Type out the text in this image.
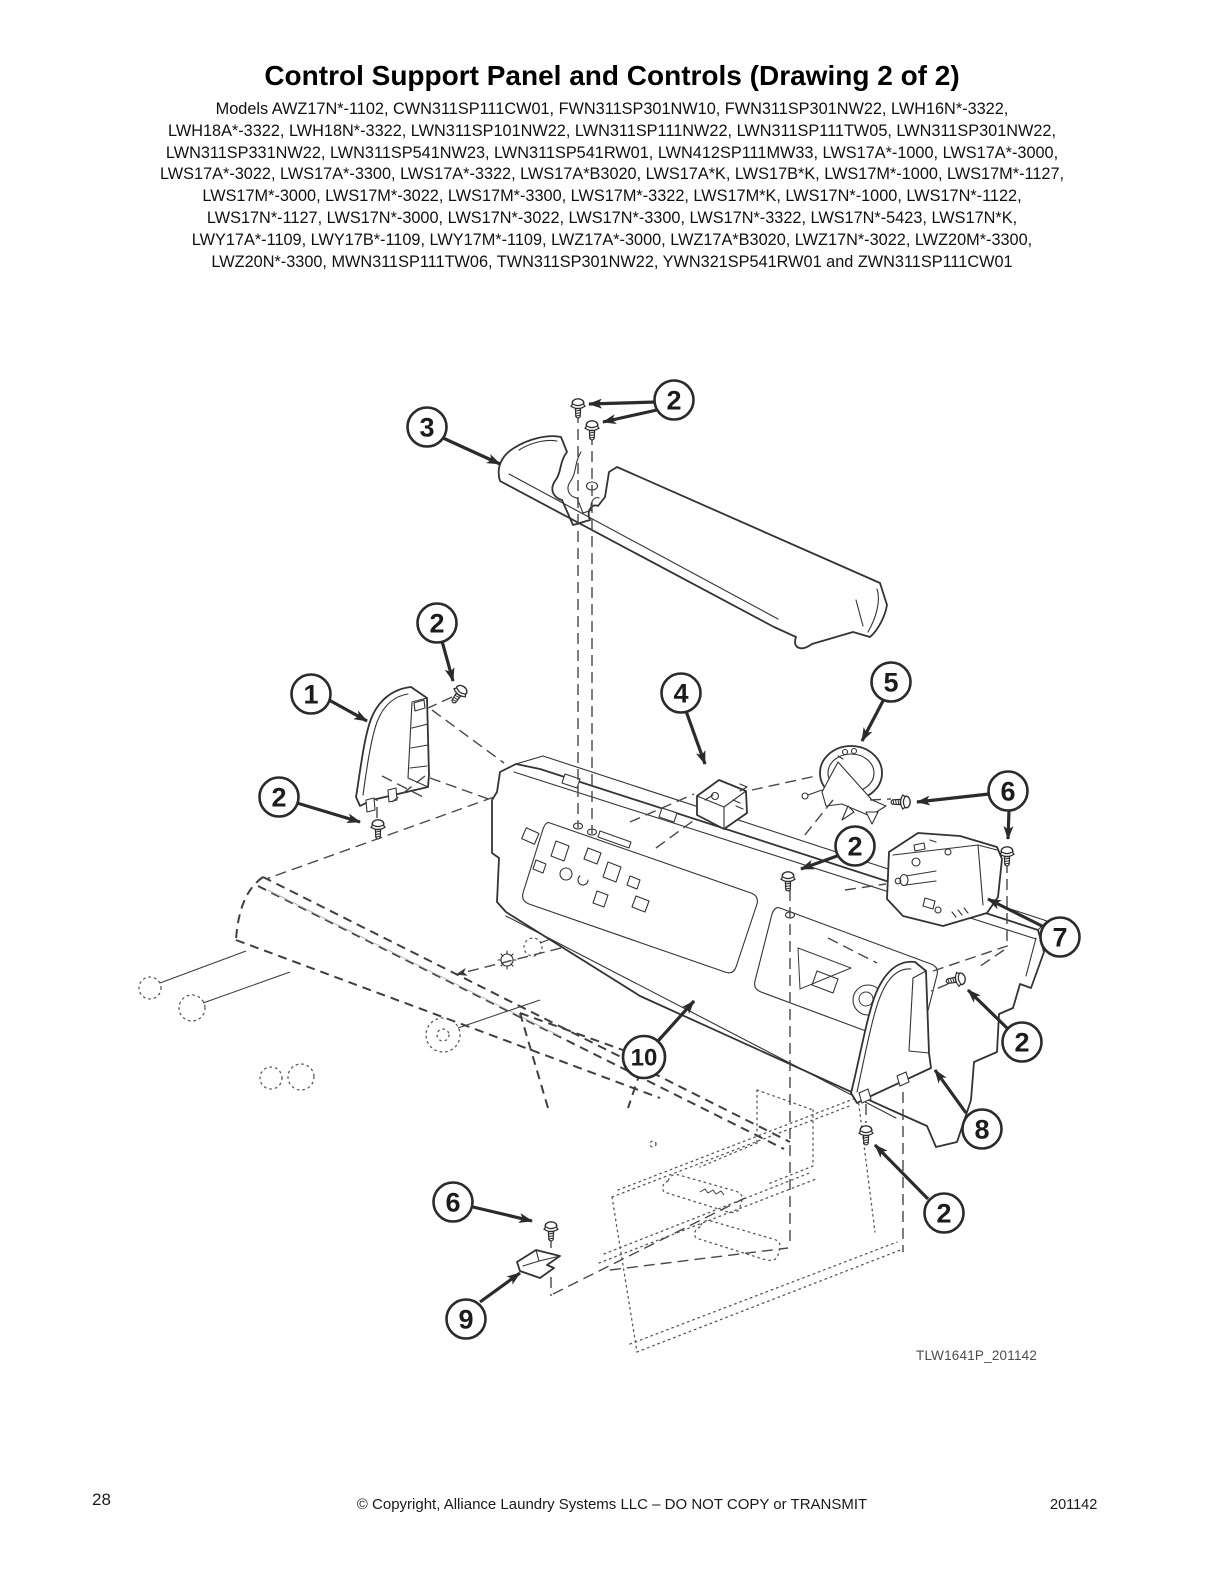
Control Support Panel and Controls (Drawing 2 of 2)
Models AWZ17N*-1102, CWN311SP111CW01, FWN311SP301NW10, FWN311SP301NW22, LWH16N*-3322,
LWH18A*-3322, LWH18N*-3322, LWN311SP101NW22, LWN311SP111NW22, LWN311SP111TW05, LWN311SP301NW22,
LWN311SP331NW22, LWN311SP541NW23, LWN311SP541RW01, LWN412SP111MW33, LWS17A*-1000, LWS17A*-3000,
LWS17A*-3022, LWS17A*-3300, LWS17A*-3322, LWS17A*B3020, LWS17A*K, LWS17B*K, LWS17M*-1000, LWS17M*-1127,
LWS17M*-3000, LWS17M*-3022, LWS17M*-3300, LWS17M*-3322, LWS17M*K, LWS17N*-1000, LWS17N*-1122,
LWS17N*-1127, LWS17N*-3000, LWS17N*-3022, LWS17N*-3300, LWS17N*-3322, LWS17N*-5423, LWS17N*K,
LWY17A*-1109, LWY17B*-1109, LWY17M*-1109, LWZ17A*-3000, LWZ17A*B3020, LWZ17N*-3022, LWZ20M*-3300,
LWZ20N*-3300, MWN311SP111TW06, TWN311SP301NW22, YWN321SP541RW01 and ZWN311SP111CW01
3
2
2
1
2
4	5
6
2
7
2
8
10
2
6
9
TLW1641P_201142
28	© Copyright, Alliance Laundry Systems LLC – DO NOT COPY or TRANSMIT	201142
